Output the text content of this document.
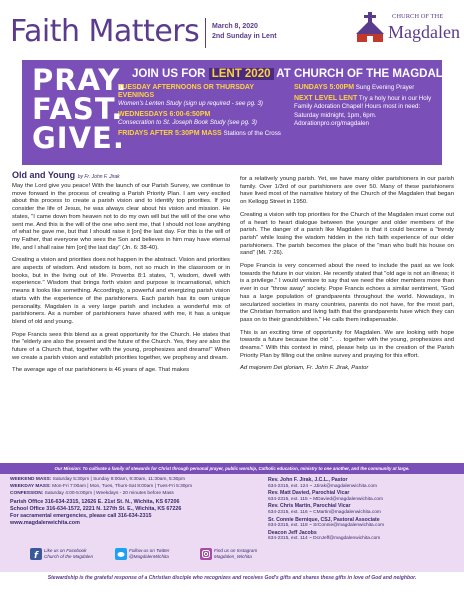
Faith Matters March 8, 2020
2nd Sunday in Lent
CHURCH OF THE
Magdalen
PRAY.
FAST.
GIVE.
JOIN US FOR LENT 2020 AT CHURCH OF THE MAGDALEN!
TUESDAY AFTERNOONS OR THURSDAY EVENINGS
Women's Lenten Study (sign up required - see pg. 3)
WEDNESDAYS 6:00-6:50PM
Consecration to St. Joseph Book Study (see pg. 3)
FRIDAYS AFTER 5:30PM MASS Stations of the Cross
SUNDAYS 5:00PM Sung Evening Prayer
NEXT LEVEL LENT Try a holy hour in our Holy Family Adoration Chapel! Hours most in need: Saturday midnight, 1pm, 6pm. Adorationpro.org/magdalen
Old and Young by Fr. John F. Jirak

May the Lord give you peace! With the launch of our Parish Survey, we continue to move forward in the process of creating a Parish Priority Plan. I am very excited about this process to create a parish vision and to identify top priorities. If you consider the life of Jesus, he was always clear about his vision and mission. He states, "I came down from heaven not to do my own will but the will of the one who sent me. And this is the will of the one who sent me, that I should not lose anything of what he gave me, but that I should raise it [on] the last day. For this is the will of my Father, that everyone who sees the Son and believes in him may have eternal life, and I shall raise him [on] the last day" (Jn. 6: 38-40).

Creating a vision and priorities does not happen in the abstract. Vision and priorities are aspects of wisdom. And wisdom is born, not so much in the classroom or in books, but in the living out of life. Proverbs 8:1 states, "I, wisdom, dwell with experience." Wisdom that brings forth vision and purpose is incarnational, which means it looks like something. Accordingly, a powerful and energizing parish vision starts with the experience of the parishioners. Each parish has its own unique personality. Magdalen is a very large parish and includes a wonderful mix of parishioners. As a number of parishioners have shared with me, it has a unique blend of old and young.

Pope Francis sees this blend as a great opportunity for the Church. He states that the "elderly are also the present and the future of the Church. Yes, they are also the future of a Church that, together with the young, prophesizes and dreams!" When we create a parish vision and establish priorities together, we prophesy and dream.

The average age of our parishioners is 46 years of age. That makes

for a relatively young parish. Yet, we have many older parishioners in our parish family. Over 1/3rd of our parishioners are over 50. Many of these parishioners have lived most of the narrative history of the Church of the Magdalen that began on Kellogg Street in 1950.

Creating a vision with top priorities for the Church of the Magdalen must come out of a heart to heart dialogue between the younger and older members of the parish. The danger of a parish like Magdalen is that it could become a "trendy parish" while losing the wisdom hidden in the rich faith experience of our older parishioners. The parish becomes the place of the "man who built his house on sand" (Mt. 7:26).

Pope Francis is very concerned about the need to include the past as we look towards the future in our vision. He recently stated that "old age is not an illness; it is a privilege." I would venture to say that we need the older members more than ever in our "throw away" society. Pope Francis echoes a similar sentiment, "God has a large population of grandparents throughout the world. Nowadays, in secularized societies in many countries, parents do not have, for the most part, the Christian formation and living faith that the grandparents have which they can pass on to their grandchildren." He calls them indispensable.

This is an exciting time of opportunity for Magdalen. We are looking with hope towards a future because the old ". . . together with the young, prophesizes and dreams." With this context in mind, please help us in the creation of the Parish Priority Plan by filling out the online survey and praying for this effort.

Ad majorem Dei gloriam, Fr. John F. Jirak, Pastor

Our Mission: To cultivate a family of stewards for Christ through personal prayer, public worship, Catholic education, ministry to one another, and the community at large.
WEEKEND MASS: Saturday 5:30pm | Sunday 8:00am, 9:30am, 11:30am, 5:30pm
WEEKDAY MASS: Mon-Fri 7:00am | Mon, Tues, Thurs-Sat 8:00am | Tues-Fri 5:30pm
CONFESSION: Saturday 4:00-5:00pm | Weekdays - 20 minutes before Mass
Parish Office 316-634-2315, 12626 E. 21st St. N., Wichita, KS 67206
School Office 316-634-1572, 2221 N. 127th St. E., Wichita, KS 67226
For sacramental emergencies, please call 316-634-2315
www.magdalenwichita.com
Rev. John F. Jirak, J.C.L., Pastor
634-2315, ext. 124 ~ JJirak@magdalenwichita.com
Rev. Matt Davied, Parochial Vicar
634-2315, ext. 115 ~ MDavied@magdalenwichita.com
Rev. Chris Martin, Parochial Vicar
634-2315, ext. 116 ~ CMartin@magdalenwichita.com
Sr. Connie Bernique, CSJ, Pastoral Associate
634-2315, ext. 118 ~ SrConnie@magdalenwichita.com
Deacon Jeff Jacobs
634-2315, ext. 114 ~ DcnJeff@magdalenwichita.com
f
Like us on Facebook
Church of the Magdalen
Follow us on Twitter
@MagdalenWichita
Find us on Instagram
Magdalen_Wichita
Stewardship is the grateful response of a Christian disciple who recognizes and receives God's gifts and shares these gifts in love of God and neighbor.
